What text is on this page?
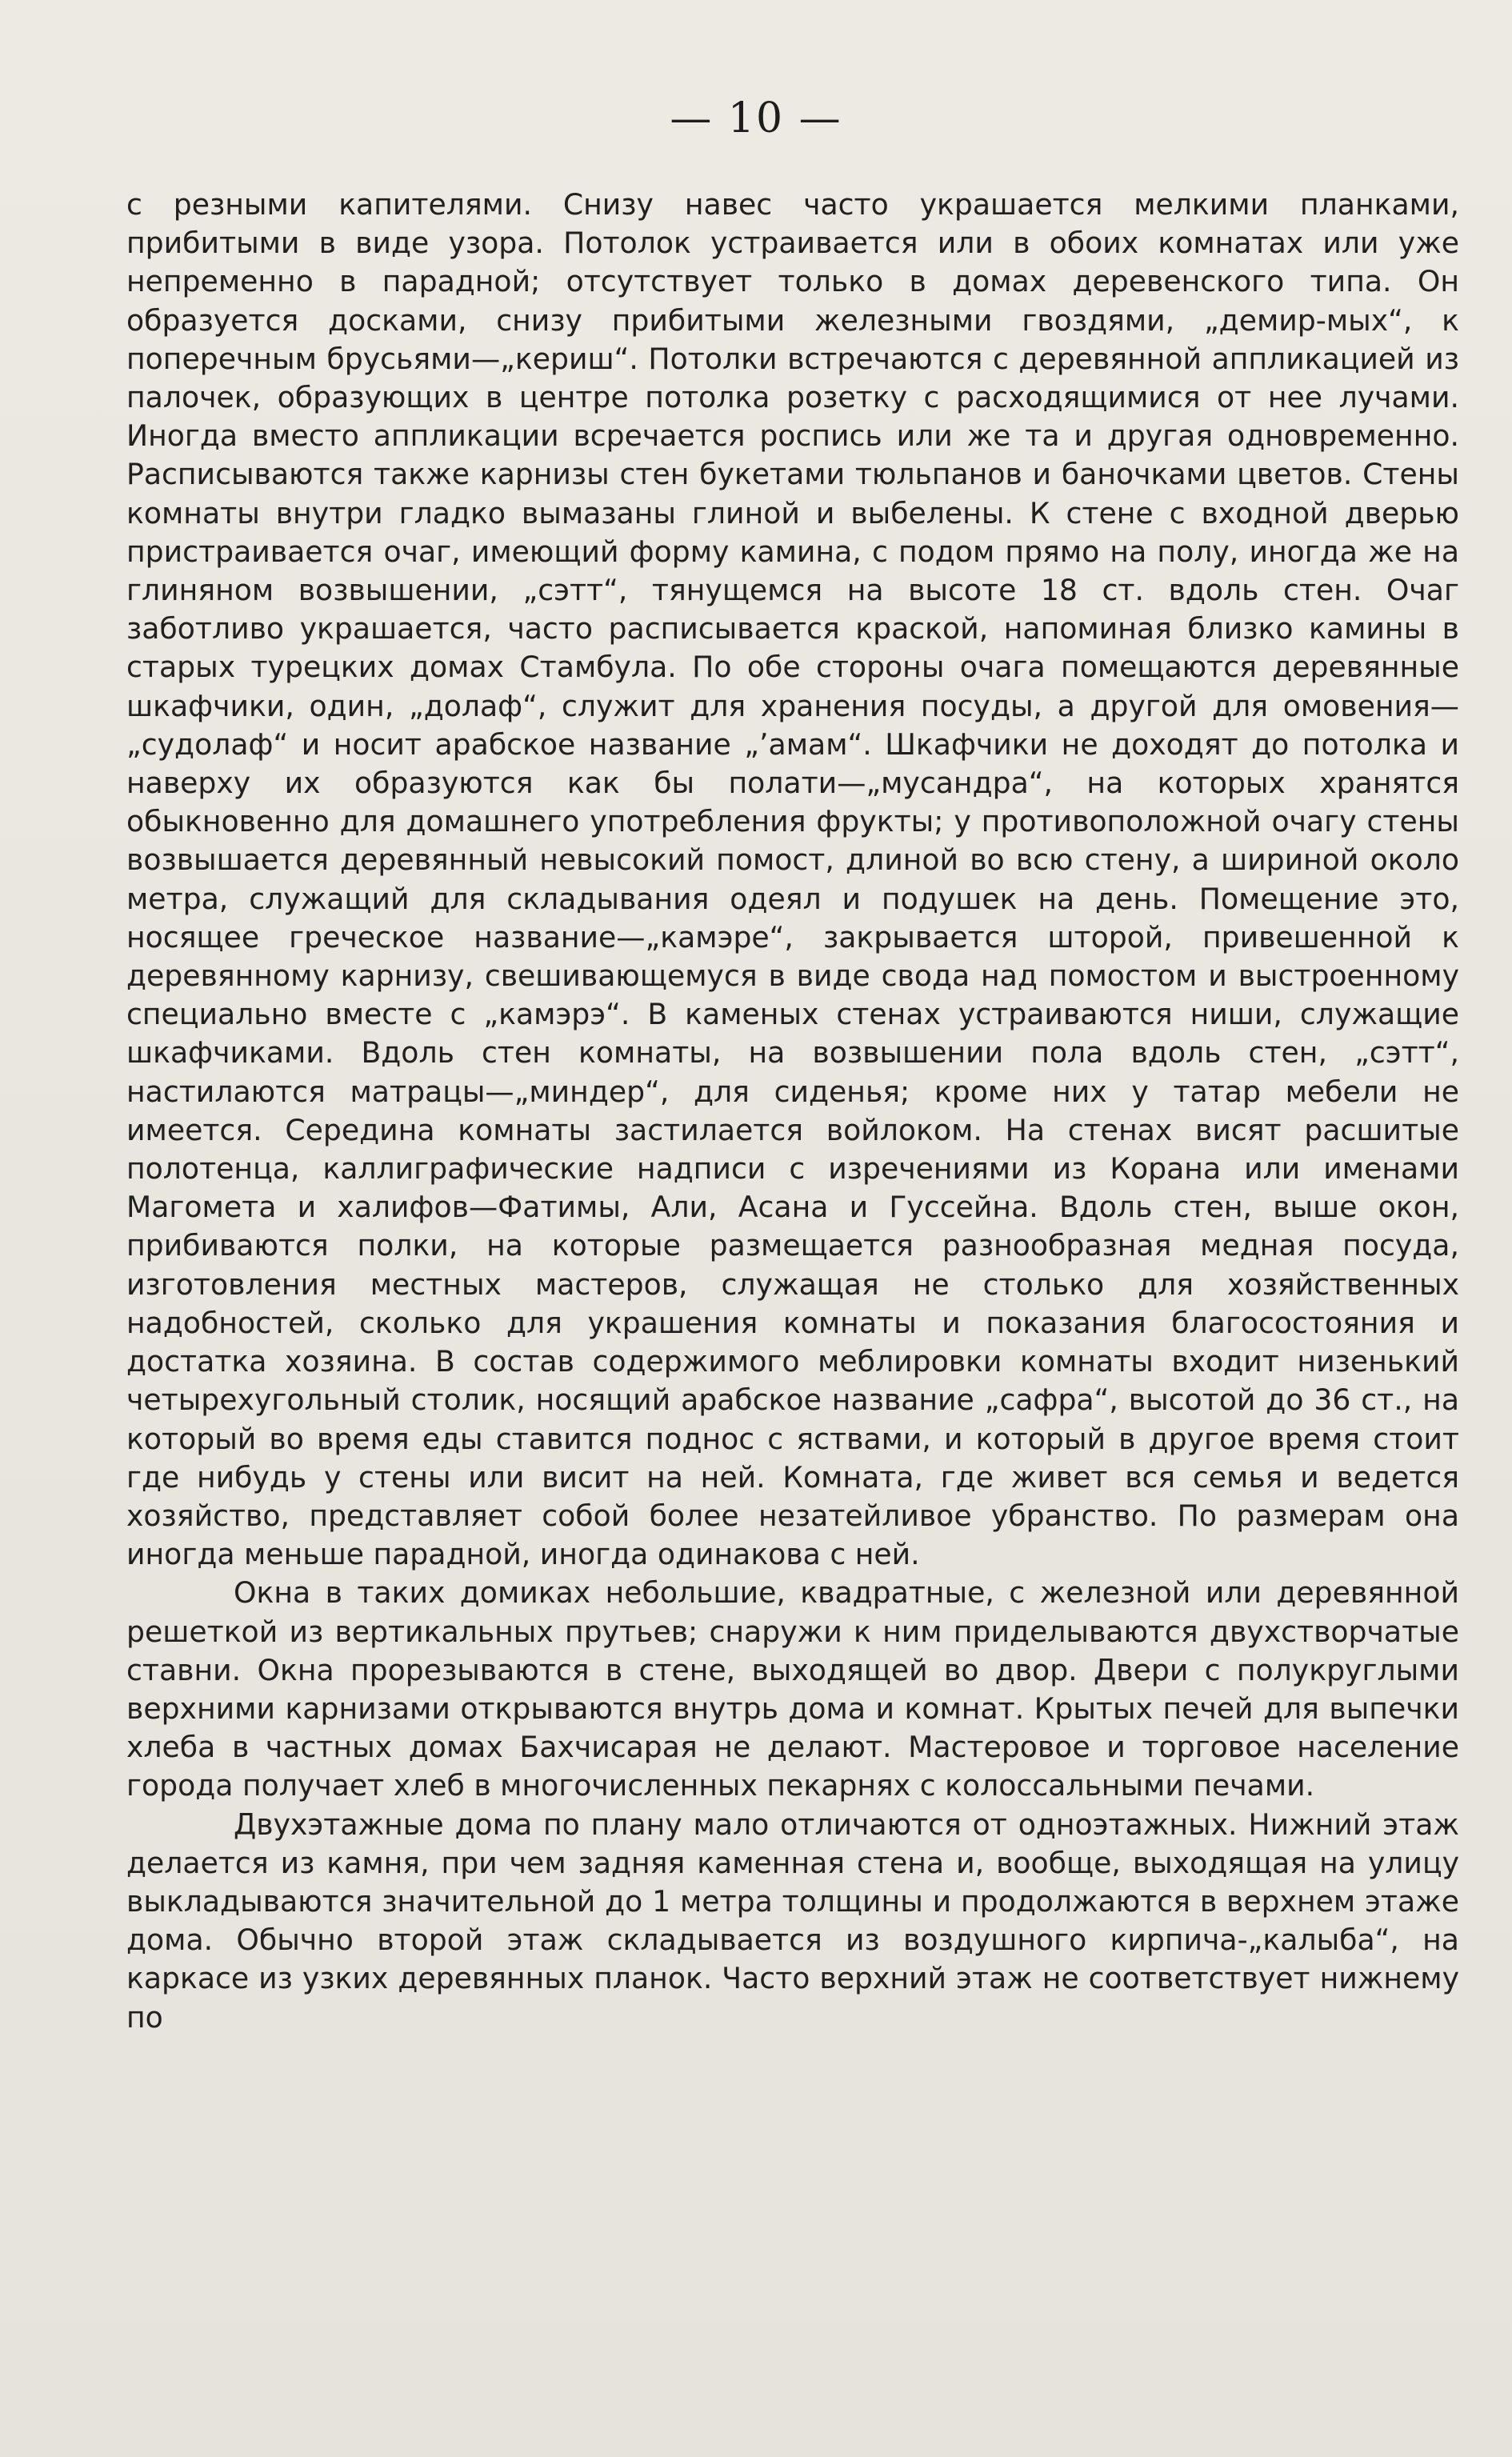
— 10 —

с резными капителями. Снизу навес часто украшается мелкими планками, прибитыми в виде узора. Потолок устраивается или в обоих комнатах или уже непременно в парадной; отсутствует только в домах деревенского типа. Он образуется досками, снизу прибитыми железными гвоздями, „демир-мых“, к поперечным брусьями—„кериш“. Потолки встречаются с деревянной аппликацией из палочек, образующих в центре потолка розетку с расходящимися от нее лучами. Иногда вместо аппликации всречается роспись или же та и другая одновременно. Расписываются также карнизы стен букетами тюльпанов и баночками цветов. Стены комнаты внутри гладко вымазаны глиной и выбелены. К стене с входной дверью пристраивается очаг, имеющий форму камина, с подом прямо на полу, иногда же на глиняном возвышении, „сэтт“, тянущемся на высоте 18 ст. вдоль стен. Очаг заботливо украшается, часто расписывается краской, напоминая близко камины в старых турецких домах Стамбула. По обе стороны очага помещаются деревянные шкафчики, один, „долаф“, служит для хранения посуды, а другой для омовения—„судолаф“ и носит арабское название „’амам“. Шкафчики не доходят до потолка и наверху их образуются как бы полати—„мусандра“, на которых хранятся обыкновенно для домашнего употребления фрукты; у противоположной очагу стены возвышается деревянный невысокий помост, длиной во всю стену, а шириной около метра, служащий для складывания одеял и подушек на день. Помещение это, носящее греческое название—„камэре“, закрывается шторой, привешенной к деревянному карнизу, свешивающемуся в виде свода над помостом и выстроенному специально вместе с „камэрэ“. В каменых стенах устраиваются ниши, служащие шкафчиками. Вдоль стен комнаты, на возвышении пола вдоль стен, „сэтт“, настилаются матрацы—„миндер“, для сиденья; кроме них у татар мебели не имеется. Середина комнаты застилается войлоком. На стенах висят расшитые полотенца, каллиграфические надписи с изречениями из Корана или именами Магомета и халифов—Фатимы, Али, Асана и Гуссейна. Вдоль стен, выше окон, прибиваются полки, на которые размещается разнообразная медная посуда, изготовления местных мастеров, служащая не столько для хозяйственных надобностей, сколько для украшения комнаты и показания благосостояния и достатка хозяина. В состав содержимого меблировки комнаты входит низенький четырехугольный столик, носящий арабское название „сафра“, высотой до 36 ст., на который во время еды ставится поднос с яствами, и который в другое время стоит где нибудь у стены или висит на ней. Комната, где живет вся семья и ведется хозяйство, представляет собой более незатейливое убранство. По размерам она иногда меньше парадной, иногда одинакова с ней.

Окна в таких домиках небольшие, квадратные, с железной или деревянной решеткой из вертикальных прутьев; снаружи к ним приделываются двухстворчатые ставни. Окна прорезываются в стене, выходящей во двор. Двери с полукруглыми верхними карнизами открываются внутрь дома и комнат. Крытых печей для выпечки хлеба в частных домах Бахчисарая не делают. Мастеровое и торговое население города получает хлеб в многочисленных пекарнях с колоссальными печами.

Двухэтажные дома по плану мало отличаются от одноэтажных. Нижний этаж делается из камня, при чем задняя каменная стена и, вообще, выходящая на улицу выкладываются значительной до 1 метра толщины и продолжаются в верхнем этаже дома. Обычно второй этаж складывается из воздушного кирпича-„калыба“, на каркасе из узких деревянных планок. Часто верхний этаж не соответствует нижнему по
